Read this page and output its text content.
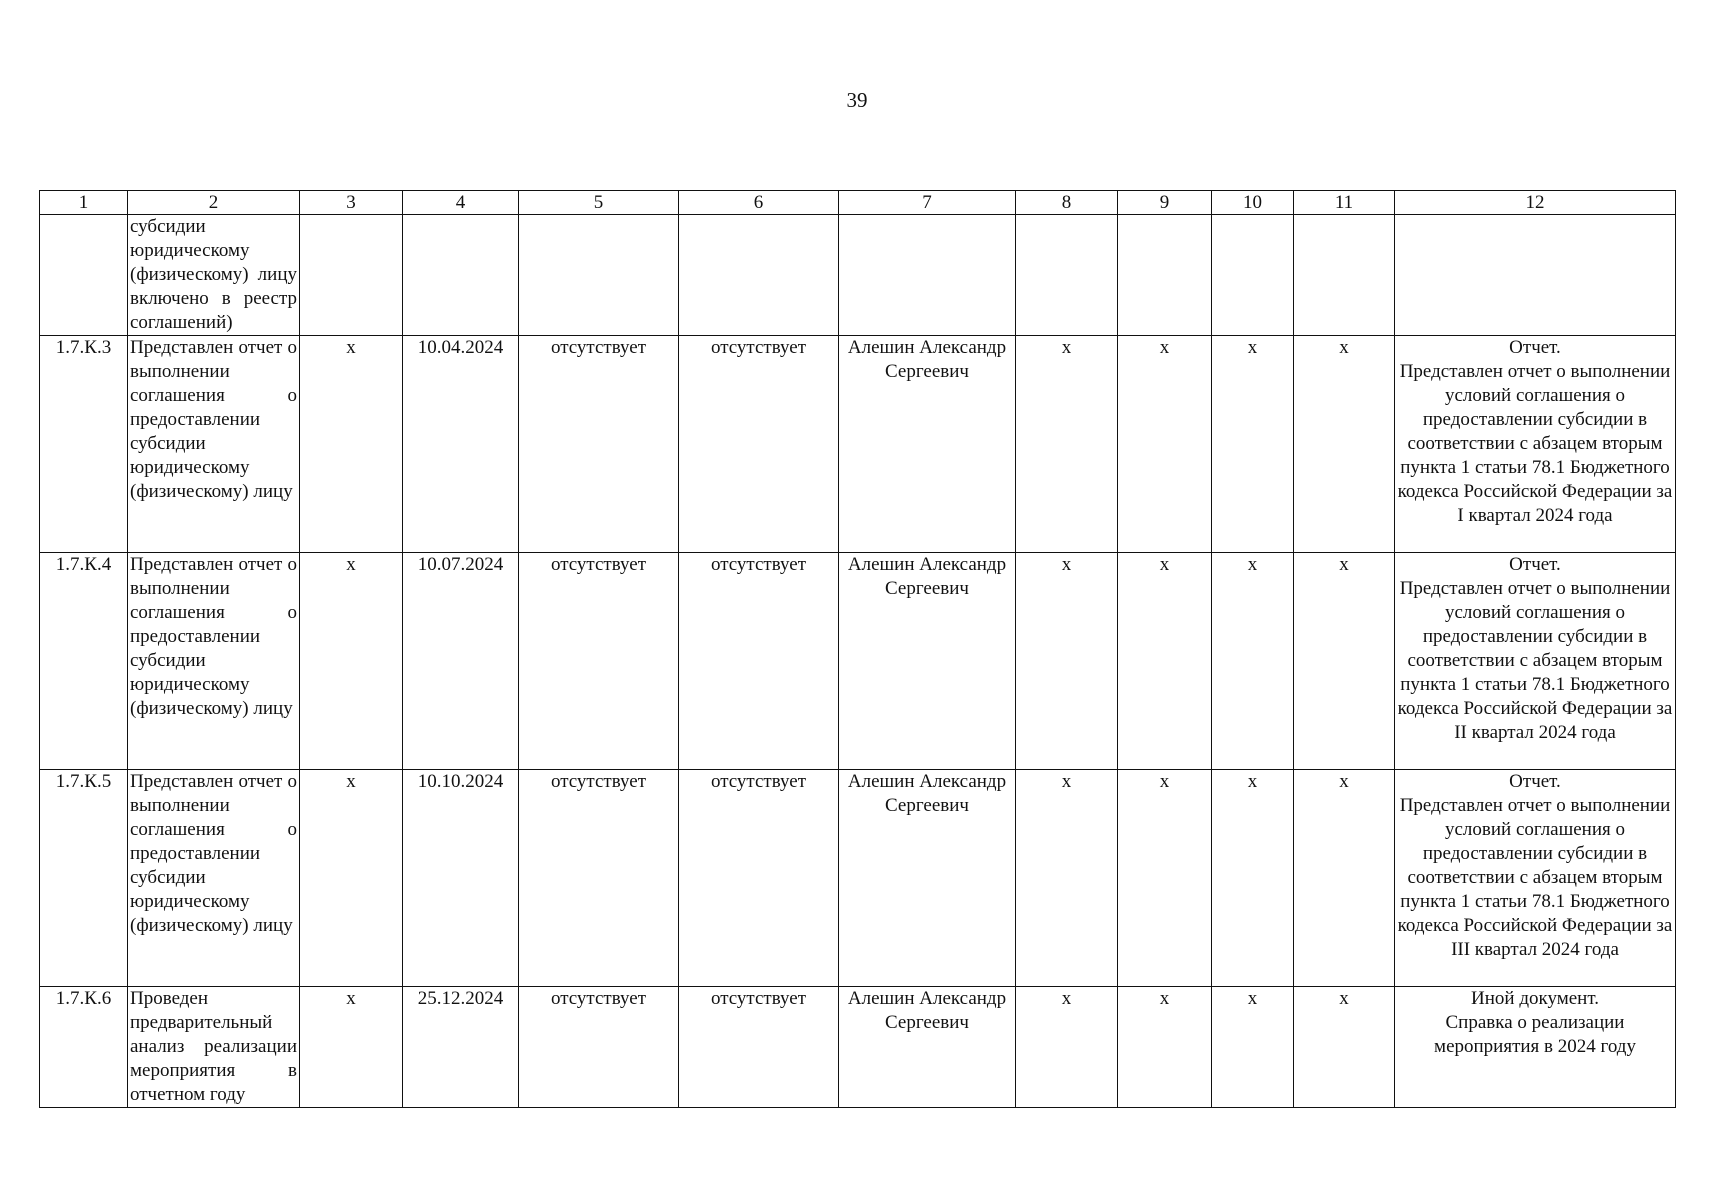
39
1	2	3	4	5	6	7	8	9	10	11	12
	субсидии юридическому (физическому) лицу включено в реестр соглашений)										
1.7.К.3	Представлен отчет о выполнении соглашения о предоставлении субсидии юридическому (физическому) лицу	x	10.04.2024	отсутствует	отсутствует	Алешин Александр Сергеевич	x	x	x	x	Отчет.
Представлен отчет о выполнении условий соглашения о предоставлении субсидии в соответствии с абзацем вторым пункта 1 статьи 78.1 Бюджетного кодекса Российской Федерации за I квартал 2024 года

1.7.К.4	Представлен отчет о выполнении соглашения о предоставлении субсидии юридическому (физическому) лицу	x	10.07.2024	отсутствует	отсутствует	Алешин Александр Сергеевич	x	x	x	x	Отчет.
Представлен отчет о выполнении условий соглашения о предоставлении субсидии в соответствии с абзацем вторым пункта 1 статьи 78.1 Бюджетного кодекса Российской Федерации за II квартал 2024 года

1.7.К.5	Представлен отчет о выполнении соглашения о предоставлении субсидии юридическому (физическому) лицу	x	10.10.2024	отсутствует	отсутствует	Алешин Александр Сергеевич	x	x	x	x	Отчет.
Представлен отчет о выполнении условий соглашения о предоставлении субсидии в соответствии с абзацем вторым пункта 1 статьи 78.1 Бюджетного кодекса Российской Федерации за III квартал 2024 года

1.7.К.6	Проведен предварительный анализ реализации мероприятия в отчетном году	x	25.12.2024	отсутствует	отсутствует	Алешин Александр Сергеевич	x	x	x	x	Иной документ.
Справка о реализации мероприятия в 2024 году
